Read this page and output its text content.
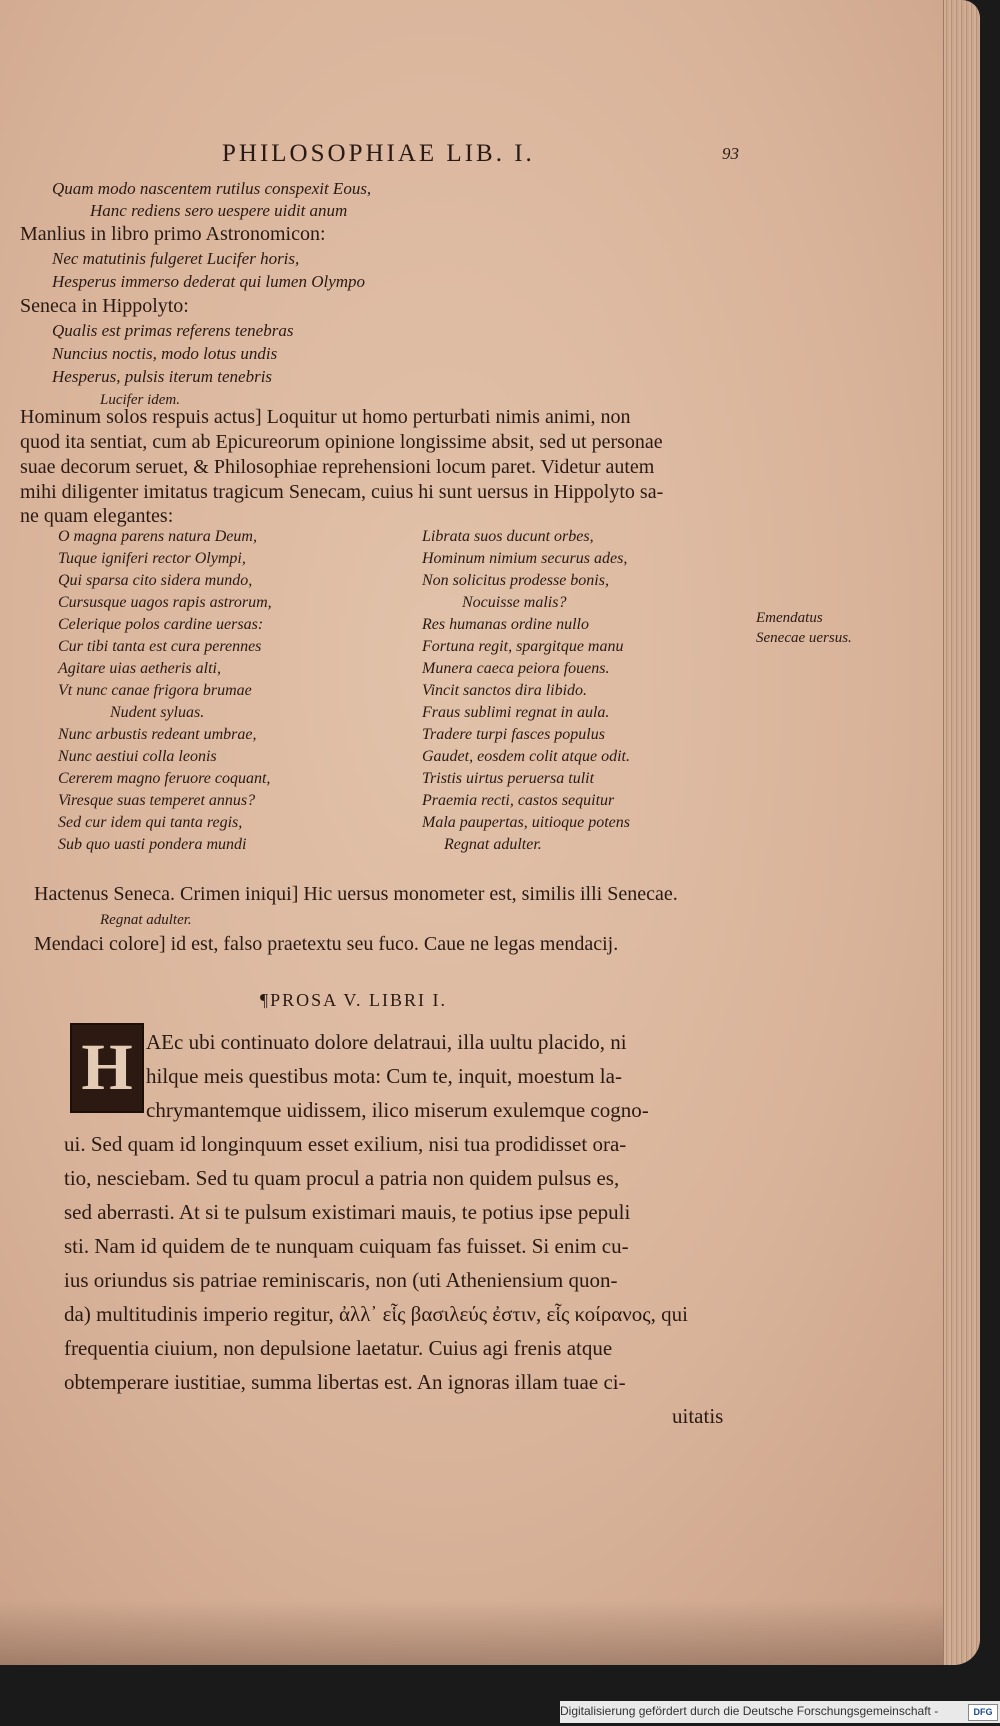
PHILOSOPHIAE LIB. I.	93
Quam modo nascentem rutilus conspexit Eous,
Hanc rediens sero uespere uidit anum
Manlius in libro primo Astronomicon:
Nec matutinis fulgeret Lucifer horis,
Hesperus immerso dederat qui lumen Olympo
Seneca in Hippolyto:
Qualis est primas referens tenebras
Nuncius noctis, modo lotus undis
Hesperus, pulsis iterum tenebris
Lucifer idem.
Hominum solos respuis actus] Loquitur ut homo perturbati nimis animi, non
quod ita sentiat, cum ab Epicureorum opinione longissime absit, sed ut personae
suae decorum seruet, & Philosophiae reprehensioni locum paret. Videtur autem
mihi diligenter imitatus tragicum Senecam, cuius hi sunt uersus in Hippolyto sa-
ne quam elegantes:
O magna parens natura Deum,
Tuque igniferi rector Olympi,
Qui sparsa cito sidera mundo,
Cursusque uagos rapis astrorum,
Celerique polos cardine uersas:
Cur tibi tanta est cura perennes
Agitare uias aetheris alti,
Vt nunc canae frigora brumae
Nudent syluas.
Nunc arbustis redeant umbrae,
Nunc aestiui colla leonis
Cererem magno feruore coquant,
Viresque suas temperet annus?
Sed cur idem qui tanta regis,
Sub quo uasti pondera mundi
Librata suos ducunt orbes,
Hominum nimium securus ades,
Non solicitus prodesse bonis,
Nocuisse malis?
Res humanas ordine nullo
Fortuna regit, spargitque manu
Munera caeca peiora fouens.
Vincit sanctos dira libido.
Fraus sublimi regnat in aula.
Tradere turpi fasces populus
Gaudet, eosdem colit atque odit.
Tristis uirtus peruersa tulit
Praemia recti, castos sequitur
Mala paupertas, uitioque potens
Regnat adulter.
Emendatus Senecae uersus.
Hactenus Seneca. Crimen iniqui] Hic uersus monometer est, similis illi Senecae.
Regnat adulter.
Mendaci colore] id est, falso praetextu seu fuco. Caue ne legas mendacij.
¶PROSA V. LIBRI I.
H AEc ubi continuato dolore delatraui, illa uultu placido, ni
hilque meis questibus mota: Cum te, inquit, moestum la-
chrymantemque uidissem, ilico miserum exulemque cogno-
ui. Sed quam id longinquum esset exilium, nisi tua prodidisset ora-
tio, nesciebam. Sed tu quam procul a patria non quidem pulsus es,
sed aberrasti. At si te pulsum existimari mauis, te potius ipse pepuli
sti. Nam id quidem de te nunquam cuiquam fas fuisset. Si enim cu-
ius oriundus sis patriae reminiscaris, non (uti Atheniensium quon-
da) multitudinis imperio regitur, ἀλλ᾽ εἷς βασιλεύς ἐστιν, εἷς κοίρανος, qui
frequentia ciuium, non depulsione laetatur. Cuius agi frenis atque
obtemperare iustitiae, summa libertas est. An ignoras illam tuae ci-
uitatis
Digitalisierung gefördert durch die Deutsche Forschungsgemeinschaft -	DFG
